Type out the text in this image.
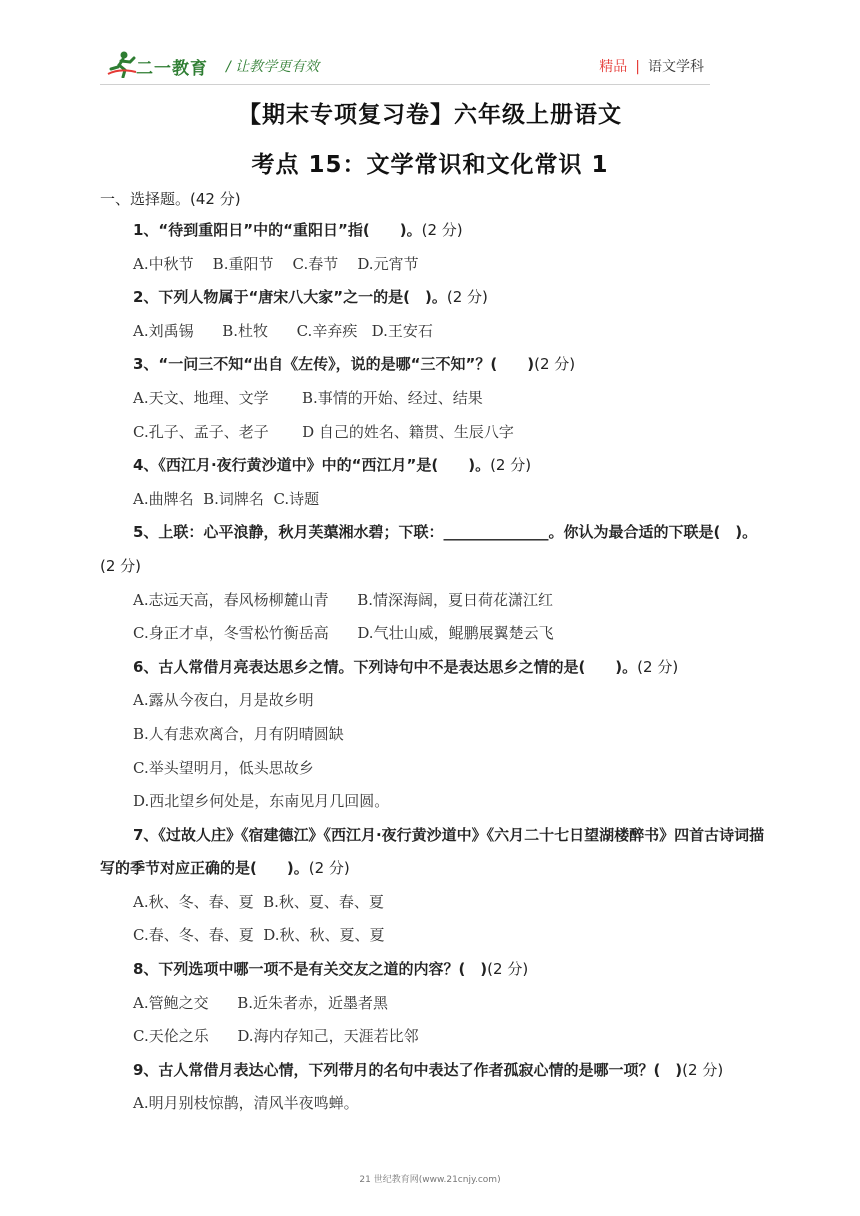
二一教育 / 让教学更有效	精品 | 语文学科
【期末专项复习卷】六年级上册语文
考点 15：文学常识和文化常识 1
一、选择题。(42 分)

1、“待到重阳日”中的“重阳日”指(　　)。(2 分)

A.中秋节    B.重阳节    C.春节    D.元宵节

2、下列人物属于“唐宋八大家”之一的是(　)。(2 分)

A.刘禹锡      B.杜牧      C.辛弃疾   D.王安石

3、“一问三不知“出自《左传》，说的是哪“三不知”？(　　)(2 分)

A.天文、地理、文学       B.事情的开始、经过、结果

C.孔子、孟子、老子       D 自己的姓名、籍贯、生辰八字

4、《西江月·夜行黄沙道中》中的“西江月”是(　　)。(2 分)

A.曲牌名  B.词牌名  C.诗题

5、上联：心平浪静，秋月芙蕖湘水碧；下联：______________。你认为最合适的下联是(　)。(2 分)

A.志远天高，春风杨柳麓山青      B.情深海阔，夏日荷花潇江红

C.身正才卓，冬雪松竹衡岳高      D.气壮山威，鲲鹏展翼楚云飞

6、古人常借月亮表达思乡之情。下列诗句中不是表达思乡之情的是(　　)。(2 分)

A.露从今夜白，月是故乡明

B.人有悲欢离合，月有阴晴圆缺

C.举头望明月，低头思故乡

D.西北望乡何处是，东南见月几回圆。

7、《过故人庄》《宿建德江》《西江月·夜行黄沙道中》《六月二十七日望湖楼醉书》四首古诗词描写的季节对应正确的是(　　)。(2 分)

A.秋、冬、春、夏  B.秋、夏、春、夏

C.春、冬、春、夏  D.秋、秋、夏、夏

8、下列选项中哪一项不是有关交友之道的内容？(　)(2 分)

A.管鲍之交      B.近朱者赤，近墨者黑

C.天伦之乐      D.海内存知己，天涯若比邻

9、古人常借月表达心情，下列带月的名句中表达了作者孤寂心情的是哪一项？(　)(2 分)

A.明月别枝惊鹊，清风半夜鸣蝉。

21 世纪教育网(www.21cnjy.com)
